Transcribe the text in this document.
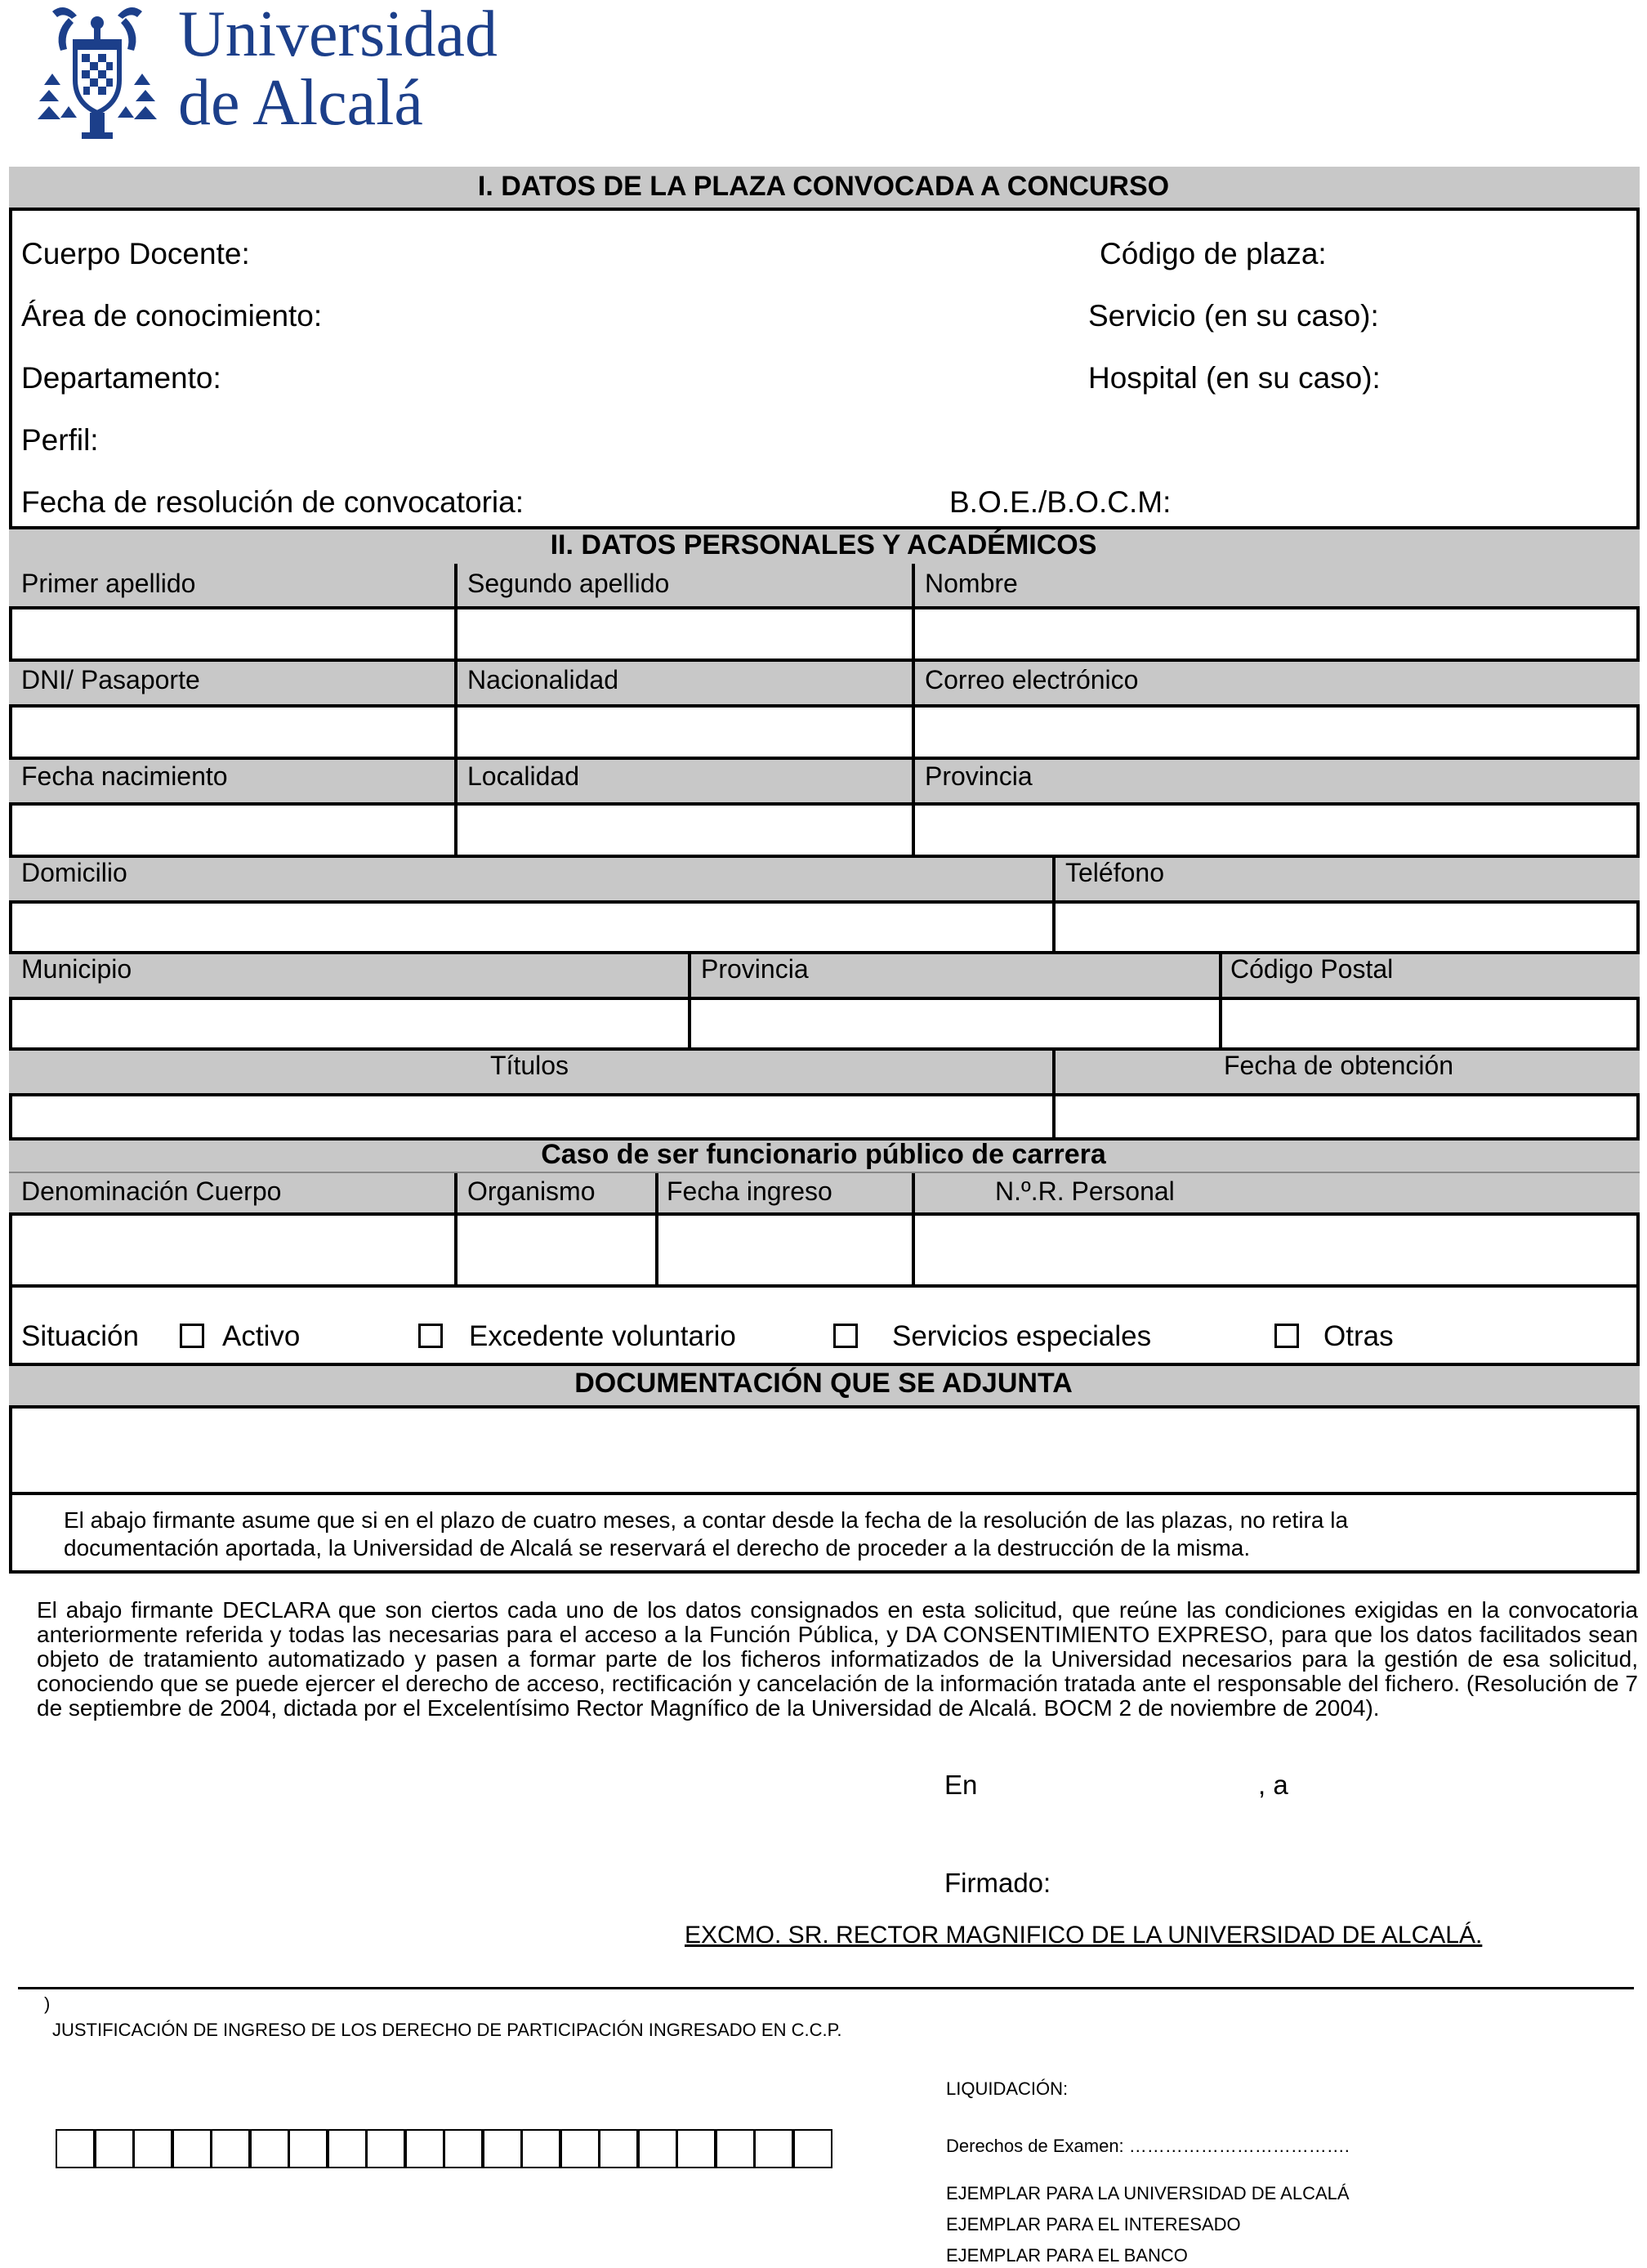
Universidad
de Alcalá
I. DATOS DE LA PLAZA CONVOCADA A CONCURSO
Cuerpo Docente:	Código de plaza:
Área de conocimiento:	Servicio (en su caso):
Departamento:	Hospital (en su caso):
Perfil:
Fecha de resolución de convocatoria:	B.O.E./B.O.C.M:
II. DATOS PERSONALES Y ACADÉMICOS
Primer apellido	Segundo apellido	Nombre
DNI/ Pasaporte	Nacionalidad	Correo electrónico
Fecha nacimiento	Localidad	Provincia
Domicilio	Teléfono
Municipio	Provincia	Código Postal
Títulos	Fecha de obtención
Caso de ser funcionario público de carrera
Denominación Cuerpo	Organismo	Fecha ingreso	N.º.R. Personal
Situación	Activo	Excedente voluntario	Servicios especiales	Otras
DOCUMENTACIÓN QUE SE ADJUNTA
El abajo firmante asume que si en el plazo de cuatro meses, a contar desde la fecha de la resolución de las plazas, no retira la documentación aportada, la Universidad de Alcalá se reservará el derecho de proceder a la destrucción de la misma.
El abajo firmante DECLARA que son ciertos cada uno de los datos consignados en esta solicitud, que reúne las condiciones exigidas en la convocatoria anteriormente referida y todas las necesarias para el acceso a la Función Pública, y DA CONSENTIMIENTO EXPRESO, para que los datos facilitados sean objeto de tratamiento automatizado y pasen a formar parte de los ficheros informatizados de la Universidad necesarios para la gestión de esa solicitud, conociendo que se puede ejercer el derecho de acceso, rectificación y cancelación de la información tratada ante el responsable del fichero. (Resolución de 7 de septiembre de 2004, dictada por el Excelentísimo Rector Magnífico de la Universidad de Alcalá. BOCM 2 de noviembre de 2004).
En	, a
Firmado:
EXCMO. SR. RECTOR MAGNIFICO DE LA UNIVERSIDAD DE ALCALÁ.
)
JUSTIFICACIÓN DE INGRESO DE LOS DERECHO DE PARTICIPACIÓN INGRESADO EN C.C.P.
LIQUIDACIÓN:
Derechos de Examen: ……………………………….
EJEMPLAR PARA LA UNIVERSIDAD DE ALCALÁ
EJEMPLAR PARA EL INTERESADO
EJEMPLAR PARA EL BANCO
